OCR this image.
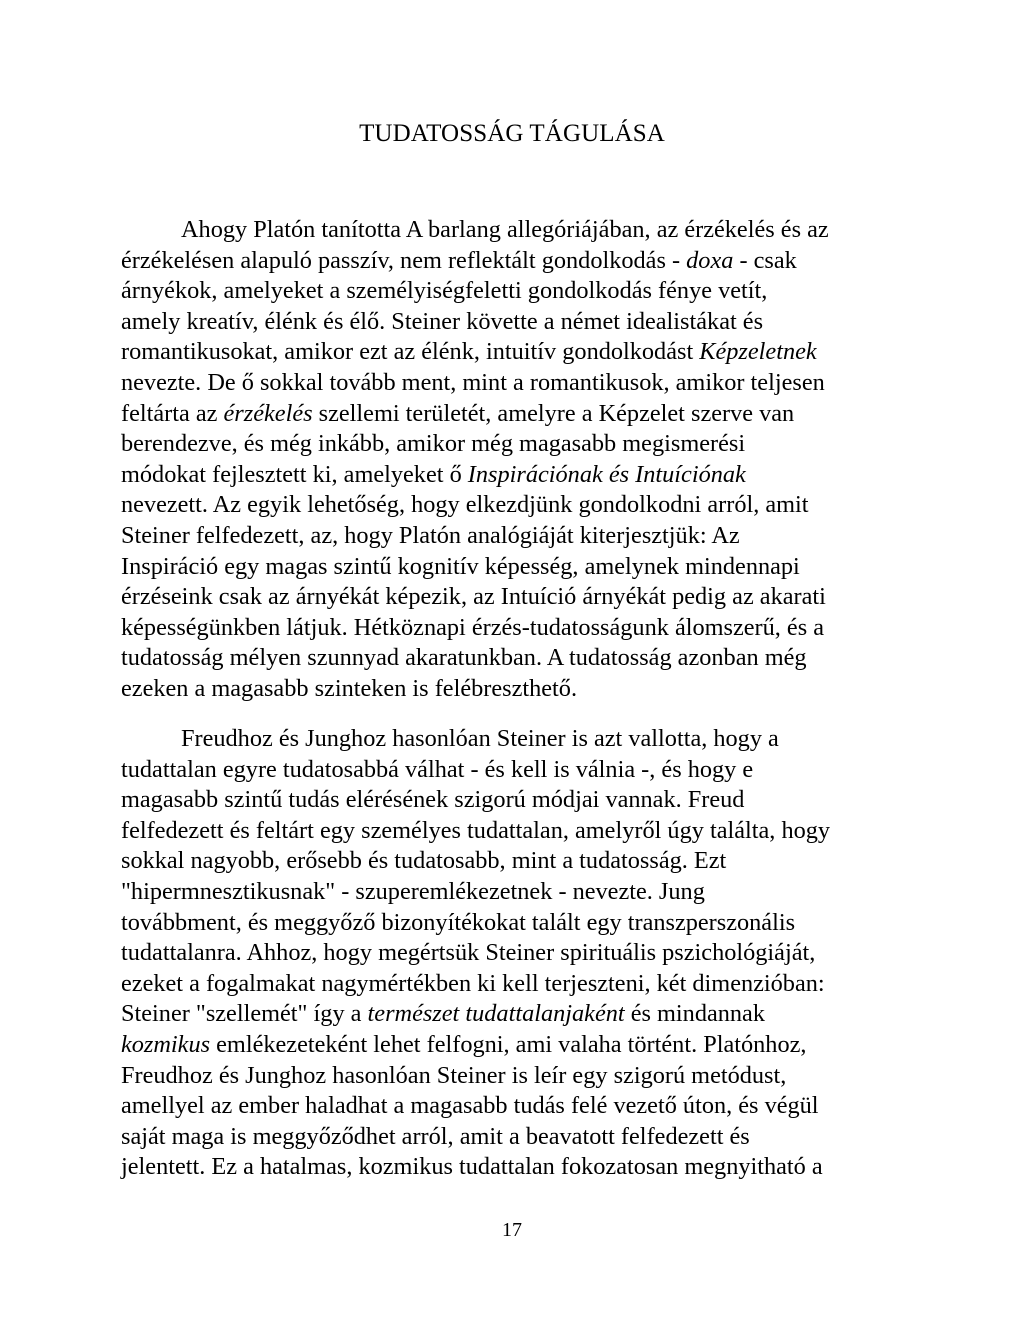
TUDATOSSÁG TÁGULÁSA
Ahogy Platón tanította A barlang allegóriájában, az érzékelés és az
érzékelésen alapuló passzív, nem reflektált gondolkodás - doxa - csak
árnyékok, amelyeket a személyiségfeletti gondolkodás fénye vetít,
amely kreatív, élénk és élő. Steiner követte a német idealistákat és
romantikusokat, amikor ezt az élénk, intuitív gondolkodást Képzeletnek
nevezte. De ő sokkal tovább ment, mint a romantikusok, amikor teljesen
feltárta az érzékelés szellemi területét, amelyre a Képzelet szerve van
berendezve, és még inkább, amikor még magasabb megismerési
módokat fejlesztett ki, amelyeket ő Inspirációnak és Intuíciónak
nevezett. Az egyik lehetőség, hogy elkezdjünk gondolkodni arról, amit
Steiner felfedezett, az, hogy Platón analógiáját kiterjesztjük: Az
Inspiráció egy magas szintű kognitív képesség, amelynek mindennapi
érzéseink csak az árnyékát képezik, az Intuíció árnyékát pedig az akarati
képességünkben látjuk. Hétköznapi érzés-tudatosságunk álomszerű, és a
tudatosság mélyen szunnyad akaratunkban. A tudatosság azonban még
ezeken a magasabb szinteken is felébreszthető.
Freudhoz és Junghoz hasonlóan Steiner is azt vallotta, hogy a
tudattalan egyre tudatosabbá válhat - és kell is válnia -, és hogy e
magasabb szintű tudás elérésének szigorú módjai vannak. Freud
felfedezett és feltárt egy személyes tudattalan, amelyről úgy találta, hogy
sokkal nagyobb, erősebb és tudatosabb, mint a tudatosság. Ezt
"hipermnesztikusnak" - szuperemlékezetnek - nevezte. Jung
továbbment, és meggyőző bizonyítékokat talált egy transzperszonális
tudattalanra. Ahhoz, hogy megértsük Steiner spirituális pszichológiáját,
ezeket a fogalmakat nagymértékben ki kell terjeszteni, két dimenzióban:
Steiner "szellemét" így a természet tudattalanjaként és mindannak
kozmikus emlékezeteként lehet felfogni, ami valaha történt. Platónhoz,
Freudhoz és Junghoz hasonlóan Steiner is leír egy szigorú metódust,
amellyel az ember haladhat a magasabb tudás felé vezető úton, és végül
saját maga is meggyőződhet arról, amit a beavatott felfedezett és
jelentett. Ez a hatalmas, kozmikus tudattalan fokozatosan megnyitható a
17
